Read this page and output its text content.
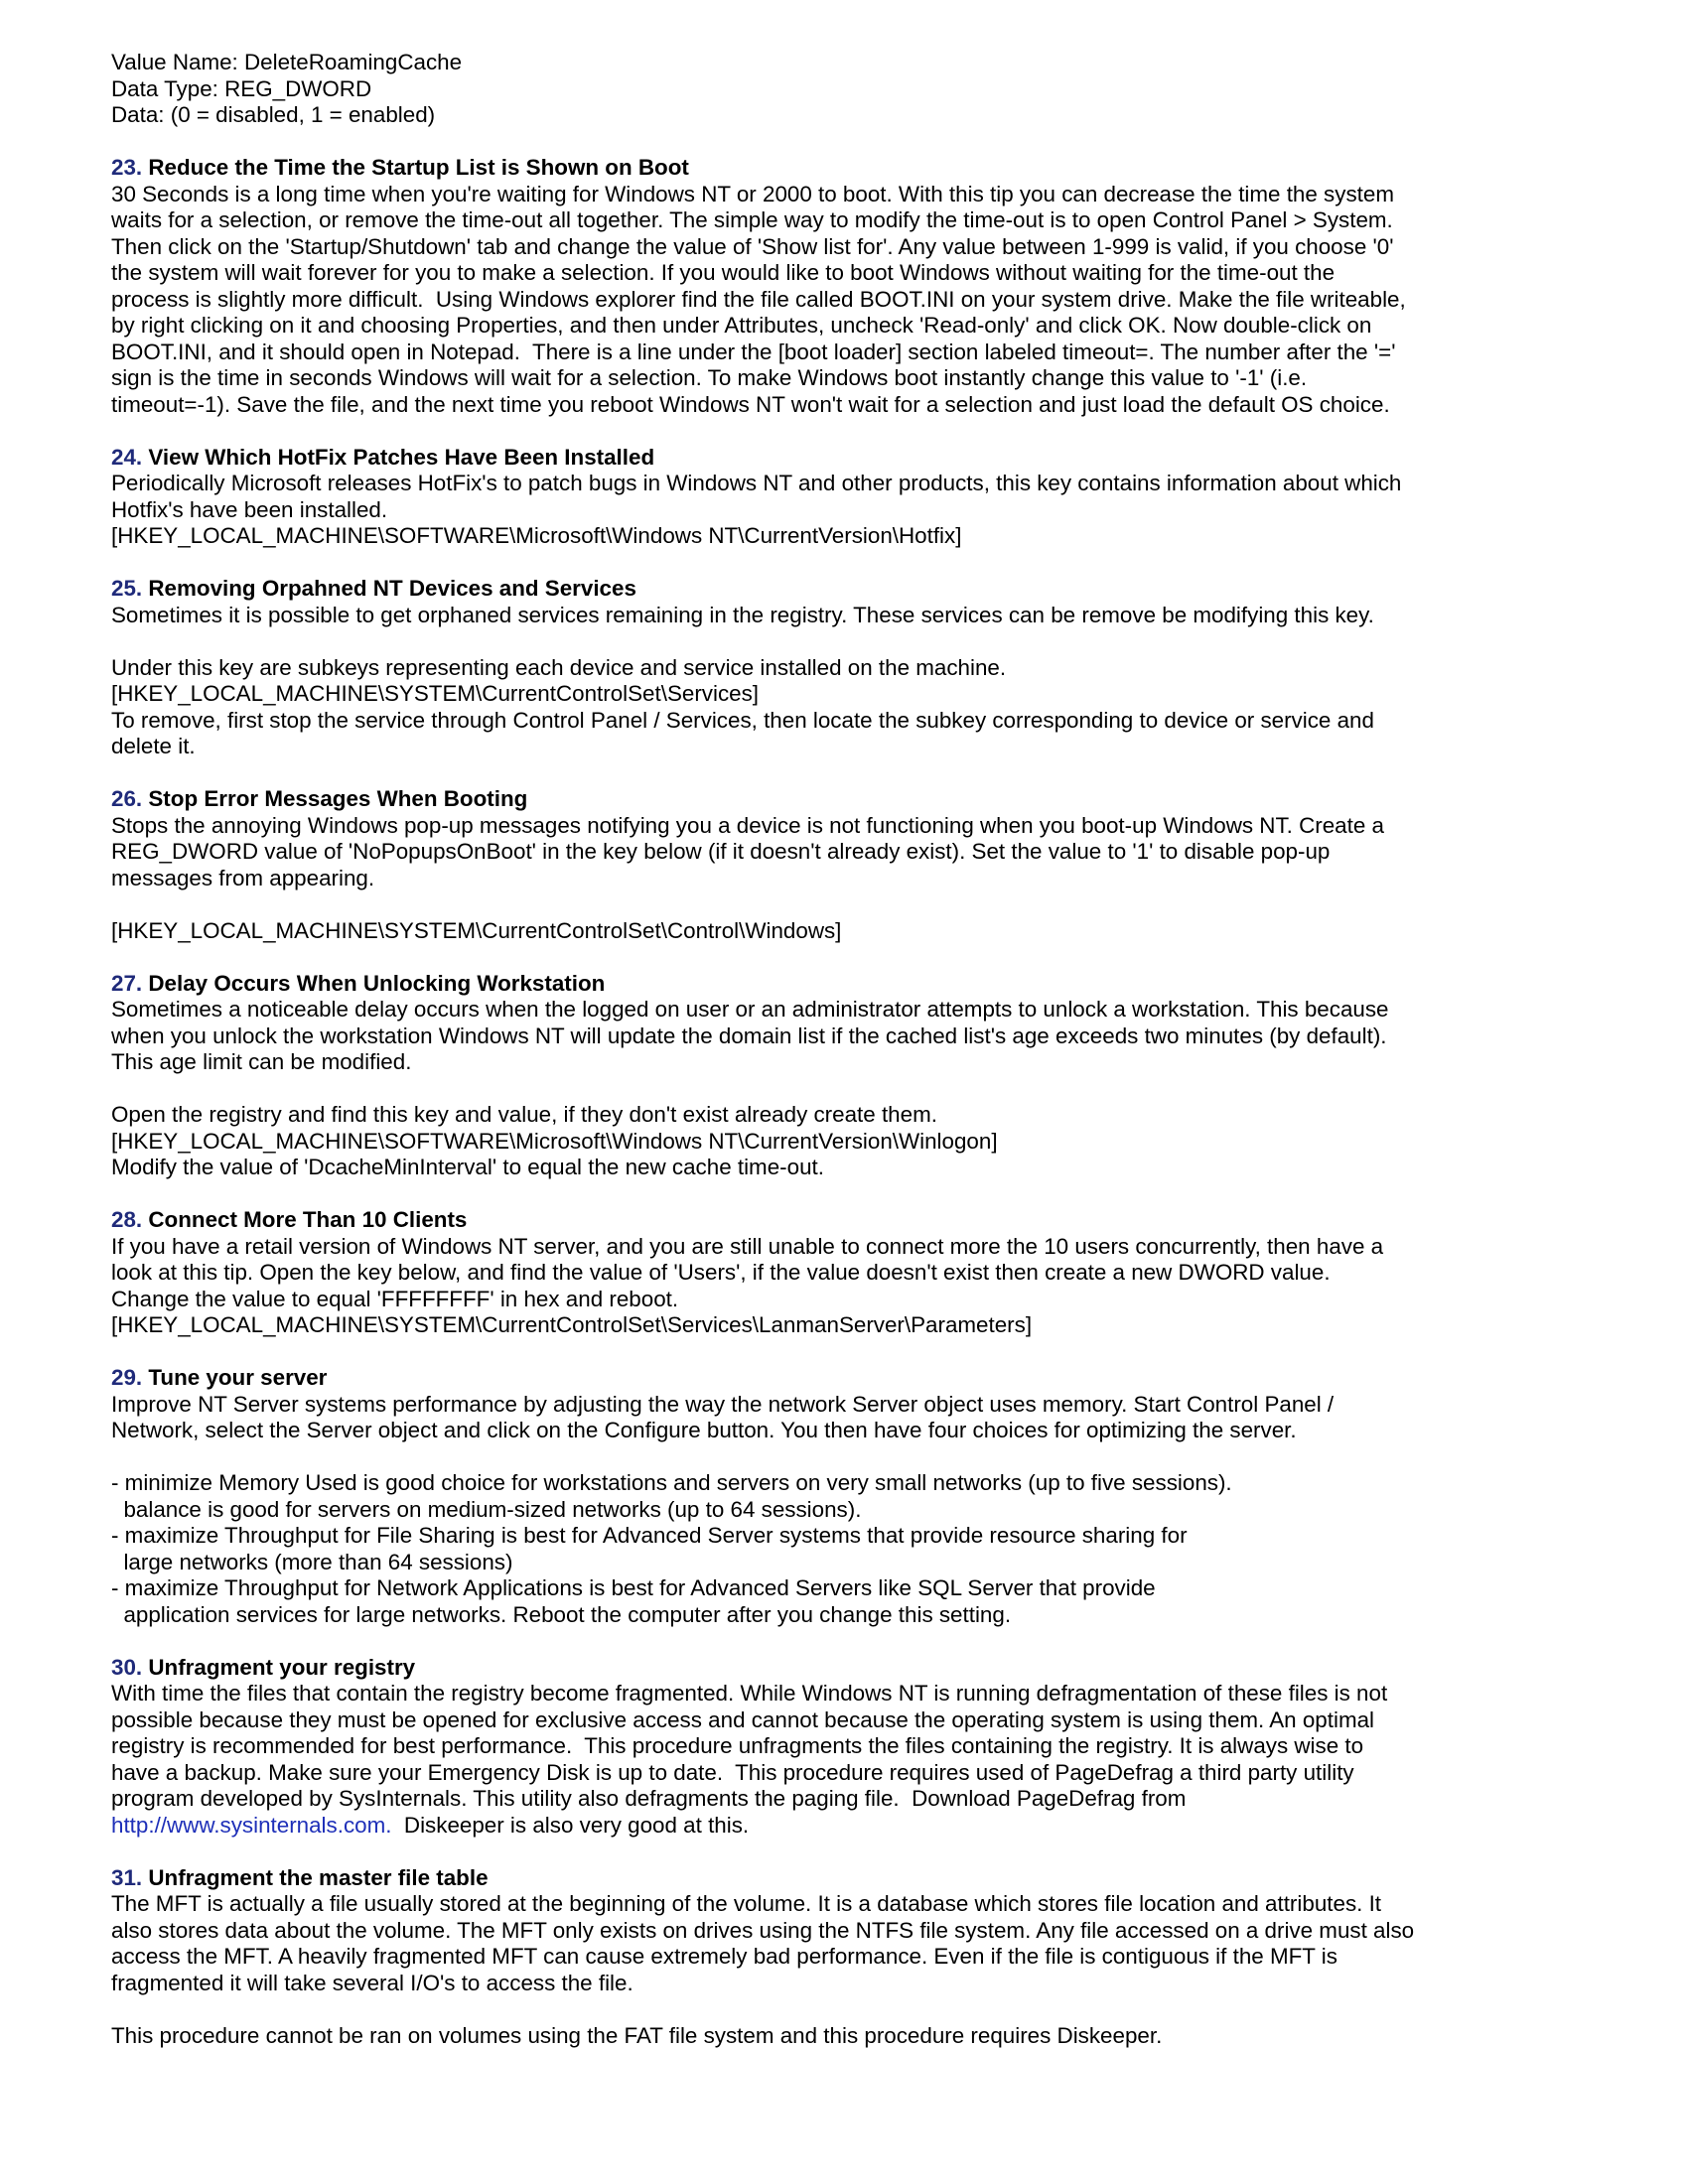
Value Name: DeleteRoamingCache
Data Type: REG_DWORD
Data: (0 = disabled, 1 = enabled)
23. Reduce the Time the Startup List is Shown on Boot
30 Seconds is a long time when you're waiting for Windows NT or 2000 to boot. With this tip you can decrease the time the system
waits for a selection, or remove the time-out all together. The simple way to modify the time-out is to open Control Panel > System.
Then click on the 'Startup/Shutdown' tab and change the value of 'Show list for'. Any value between 1-999 is valid, if you choose '0'
the system will wait forever for you to make a selection. If you would like to boot Windows without waiting for the time-out the
process is slightly more difficult.  Using Windows explorer find the file called BOOT.INI on your system drive. Make the file writeable,
by right clicking on it and choosing Properties, and then under Attributes, uncheck 'Read-only' and click OK. Now double-click on
BOOT.INI, and it should open in Notepad.  There is a line under the [boot loader] section labeled timeout=. The number after the '='
sign is the time in seconds Windows will wait for a selection. To make Windows boot instantly change this value to '-1' (i.e.
timeout=-1). Save the file, and the next time you reboot Windows NT won't wait for a selection and just load the default OS choice.
24. View Which HotFix Patches Have Been Installed
Periodically Microsoft releases HotFix's to patch bugs in Windows NT and other products, this key contains information about which
Hotfix's have been installed.
[HKEY_LOCAL_MACHINE\SOFTWARE\Microsoft\Windows NT\CurrentVersion\Hotfix]
25. Removing Orpahned NT Devices and Services
Sometimes it is possible to get orphaned services remaining in the registry. These services can be remove be modifying this key.
Under this key are subkeys representing each device and service installed on the machine.
[HKEY_LOCAL_MACHINE\SYSTEM\CurrentControlSet\Services]
To remove, first stop the service through Control Panel / Services, then locate the subkey corresponding to device or service and
delete it.
26. Stop Error Messages When Booting
Stops the annoying Windows pop-up messages notifying you a device is not functioning when you boot-up Windows NT. Create a
REG_DWORD value of 'NoPopupsOnBoot' in the key below (if it doesn't already exist). Set the value to '1' to disable pop-up
messages from appearing.
[HKEY_LOCAL_MACHINE\SYSTEM\CurrentControlSet\Control\Windows]
27. Delay Occurs When Unlocking Workstation
Sometimes a noticeable delay occurs when the logged on user or an administrator attempts to unlock a workstation. This because
when you unlock the workstation Windows NT will update the domain list if the cached list's age exceeds two minutes (by default).
This age limit can be modified.
Open the registry and find this key and value, if they don't exist already create them.
[HKEY_LOCAL_MACHINE\SOFTWARE\Microsoft\Windows NT\CurrentVersion\Winlogon]
Modify the value of 'DcacheMinInterval' to equal the new cache time-out.
28. Connect More Than 10 Clients
If you have a retail version of Windows NT server, and you are still unable to connect more the 10 users concurrently, then have a
look at this tip. Open the key below, and find the value of 'Users', if the value doesn't exist then create a new DWORD value.
Change the value to equal 'FFFFFFFF' in hex and reboot.
[HKEY_LOCAL_MACHINE\SYSTEM\CurrentControlSet\Services\LanmanServer\Parameters]
29. Tune your server
Improve NT Server systems performance by adjusting the way the network Server object uses memory. Start Control Panel /
Network, select the Server object and click on the Configure button. You then have four choices for optimizing the server.
- minimize Memory Used is good choice for workstations and servers on very small networks (up to five sessions).
balance is good for servers on medium-sized networks (up to 64 sessions).
- maximize Throughput for File Sharing is best for Advanced Server systems that provide resource sharing for
large networks (more than 64 sessions)
- maximize Throughput for Network Applications is best for Advanced Servers like SQL Server that provide
application services for large networks. Reboot the computer after you change this setting.
30. Unfragment your registry
With time the files that contain the registry become fragmented. While Windows NT is running defragmentation of these files is not
possible because they must be opened for exclusive access and cannot because the operating system is using them. An optimal
registry is recommended for best performance.  This procedure unfragments the files containing the registry. It is always wise to
have a backup. Make sure your Emergency Disk is up to date.  This procedure requires used of PageDefrag a third party utility
program developed by SysInternals. This utility also defragments the paging file.  Download PageDefrag from
http://www.sysinternals.com.  Diskeeper is also very good at this.
31. Unfragment the master file table
The MFT is actually a file usually stored at the beginning of the volume. It is a database which stores file location and attributes. It
also stores data about the volume. The MFT only exists on drives using the NTFS file system. Any file accessed on a drive must also
access the MFT. A heavily fragmented MFT can cause extremely bad performance. Even if the file is contiguous if the MFT is
fragmented it will take several I/O's to access the file.
This procedure cannot be ran on volumes using the FAT file system and this procedure requires Diskeeper.
